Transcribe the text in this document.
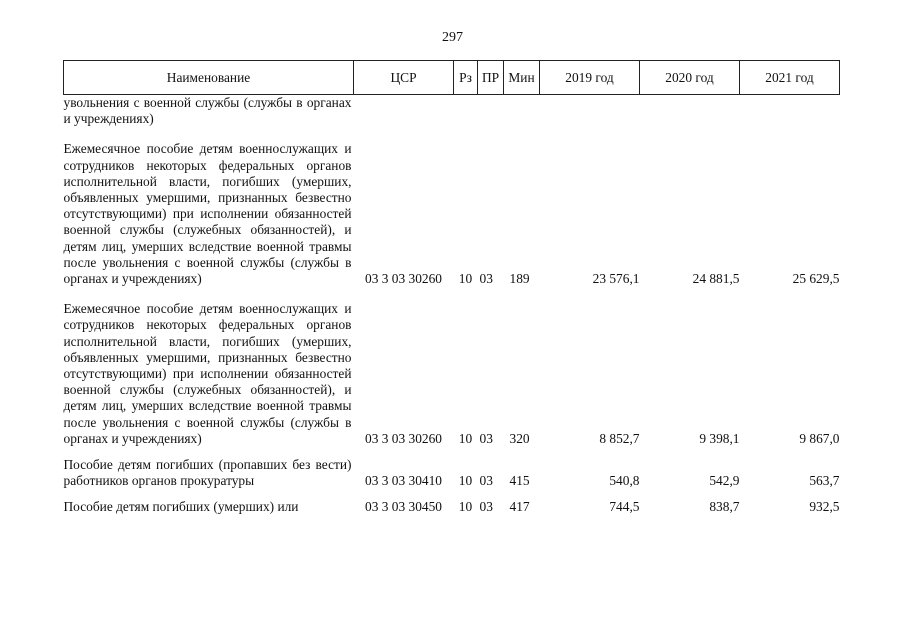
297
Наименование	ЦСР	Рз	ПР	Мин	2019 год	2020 год	2021 год
увольнения с военной службы (службы в органах и учреждениях)							

Ежемесячное пособие детям военнослужащих и сотрудников некоторых федеральных органов исполнительной власти, погибших (умерших, объявленных умершими, признанных безвестно отсутствующими) при исполнении обязанностей военной службы (служебных обязанностей), и детям лиц, умерших вследствие военной травмы после увольнения с военной службы (службы в органах и учреждениях)	03 3 03 30260	10	03	189	23 576,1	24 881,5	25 629,5

Ежемесячное пособие детям военнослужащих и сотрудников некоторых федеральных органов исполнительной власти, погибших (умерших, объявленных умершими, признанных безвестно отсутствующими) при исполнении обязанностей военной службы (служебных обязанностей), и детям лиц, умерших вследствие военной травмы после увольнения с военной службы (службы в органах и учреждениях)	03 3 03 30260	10	03	320	8 852,7	9 398,1	9 867,0

Пособие детям погибших (пропавших без вести) работников органов прокуратуры	03 3 03 30410	10	03	415	540,8	542,9	563,7

Пособие детям погибших (умерших) или	03 3 03 30450	10	03	417	744,5	838,7	932,5
